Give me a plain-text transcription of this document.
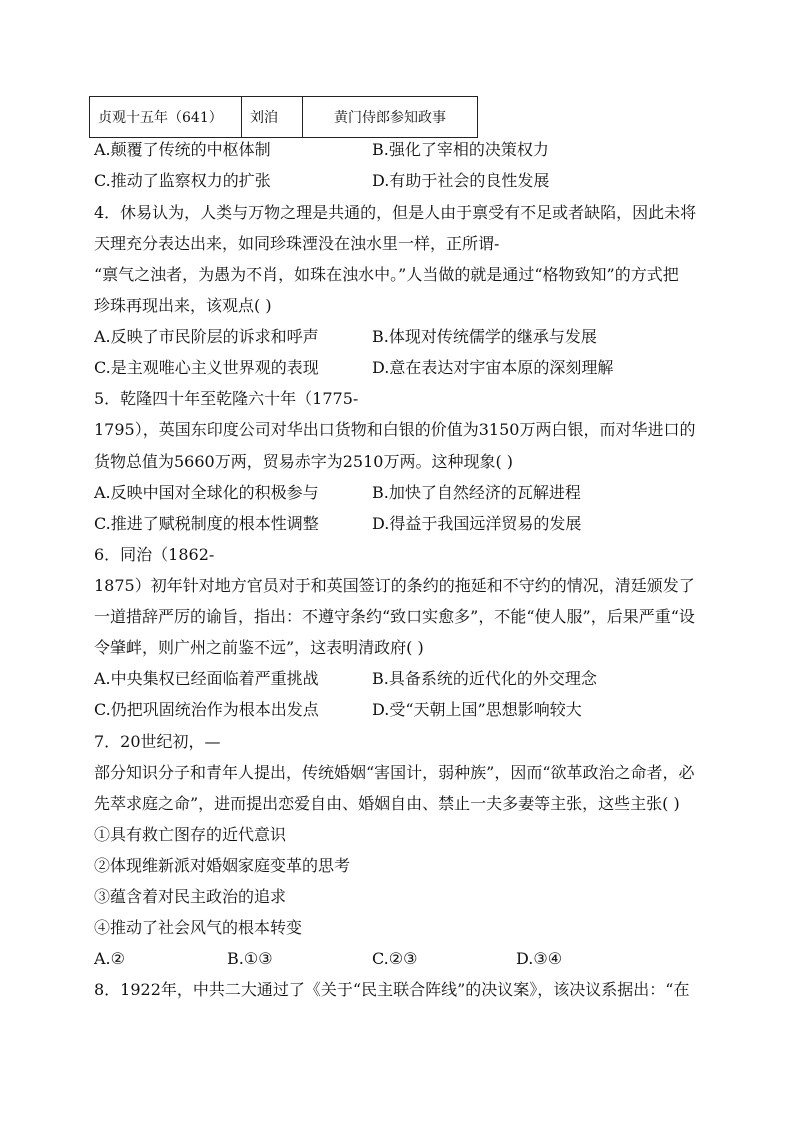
贞观十五年（641）	刘洎	黄门侍郎参知政事
A.颠覆了传统的中枢体制	B.强化了宰相的决策权力
C.推动了监察权力的扩张	D.有助于社会的良性发展
4．休易认为，人类与万物之理是共通的，但是人由于禀受有不足或者缺陷，因此未将
天理充分表达出来，如同珍珠湮没在浊水里一样，正所谓-
“禀气之浊者，为愚为不肖，如珠在浊水中。”人当做的就是通过“格物致知”的方式把
珍珠再现出来，该观点( )
A.反映了市民阶层的诉求和呼声	B.体现对传统儒学的继承与发展
C.是主观唯心主义世界观的表现	D.意在表达对宇宙本原的深刻理解
5．乾隆四十年至乾隆六十年（1775-
1795），英国东印度公司对华出口货物和白银的价值为3150万两白银，而对华进口的
货物总值为5660万两，贸易赤字为2510万两。这种现象( )
A.反映中国对全球化的积极参与	B.加快了自然经济的瓦解进程
C.推进了赋税制度的根本性调整	D.得益于我国远洋贸易的发展
6．同治（1862-
1875）初年针对地方官员对于和英国签订的条约的拖延和不守约的情况，清廷颁发了
一道措辞严厉的谕旨，指出：不遵守条约“致口实愈多”，不能“使人服”，后果严重“设
令肇衅，则广州之前鉴不远”，这表明清政府( )
A.中央集权已经面临着严重挑战	B.具备系统的近代化的外交理念
C.仍把巩固统治作为根本出发点	D.受“天朝上国”思想影响较大
7．20世纪初，—
部分知识分子和青年人提出，传统婚姻“害国计，弱种族”，因而“欲革政治之命者，必
先萃求庭之命”，进而提出恋爱自由、婚姻自由、禁止一夫多妻等主张，这些主张( )
①具有救亡图存的近代意识
②体现维新派对婚姻家庭变革的思考
③蕴含着对民主政治的追求
④推动了社会风气的根本转变
A.②	B.①③	C.②③	D.③④
8．1922年，中共二大通过了《关于“民主联合阵线”的决议案》，该决议系据出：“在
